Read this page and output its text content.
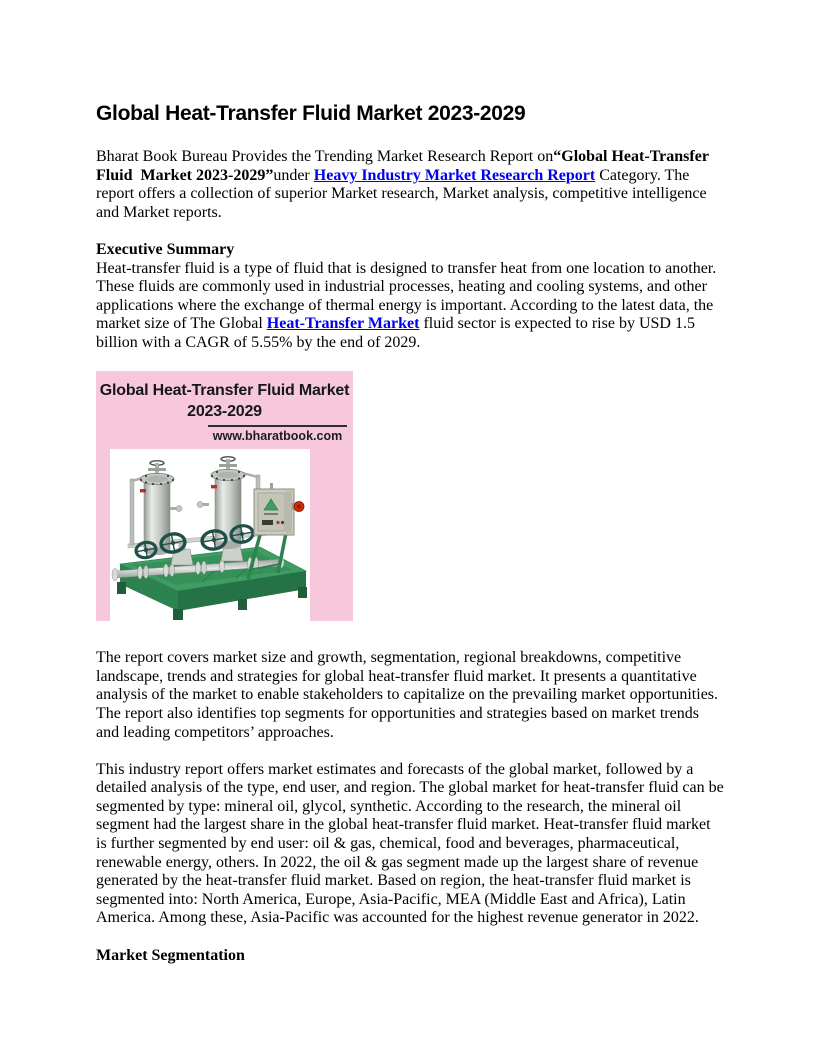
Global Heat-Transfer Fluid Market 2023-2029

Bharat Book Bureau Provides the Trending Market Research Report on“Global Heat-Transfer Fluid  Market 2023-2029”under Heavy Industry Market Research Report Category. The report offers a collection of superior Market research, Market analysis, competitive intelligence and Market reports.

Executive Summary

Heat-transfer fluid is a type of fluid that is designed to transfer heat from one location to another. These fluids are commonly used in industrial processes, heating and cooling systems, and other applications where the exchange of thermal energy is important. According to the latest data, the market size of The Global Heat-Transfer Market fluid sector is expected to rise by USD 1.5 billion with a CAGR of 5.55% by the end of 2029.

Global Heat-Transfer Fluid Market
2023-2029
www.bharatbook.com

The report covers market size and growth, segmentation, regional breakdowns, competitive landscape, trends and strategies for global heat-transfer fluid market. It presents a quantitative analysis of the market to enable stakeholders to capitalize on the prevailing market opportunities. The report also identifies top segments for opportunities and strategies based on market trends and leading competitors’ approaches.

This industry report offers market estimates and forecasts of the global market, followed by a detailed analysis of the type, end user, and region. The global market for heat-transfer fluid can be segmented by type: mineral oil, glycol, synthetic. According to the research, the mineral oil segment had the largest share in the global heat-transfer fluid market. Heat-transfer fluid market is further segmented by end user: oil & gas, chemical, food and beverages, pharmaceutical, renewable energy, others. In 2022, the oil & gas segment made up the largest share of revenue generated by the heat-transfer fluid market. Based on region, the heat-transfer fluid market is segmented into: North America, Europe, Asia-Pacific, MEA (Middle East and Africa), Latin America. Among these, Asia-Pacific was accounted for the highest revenue generator in 2022.

Market Segmentation
